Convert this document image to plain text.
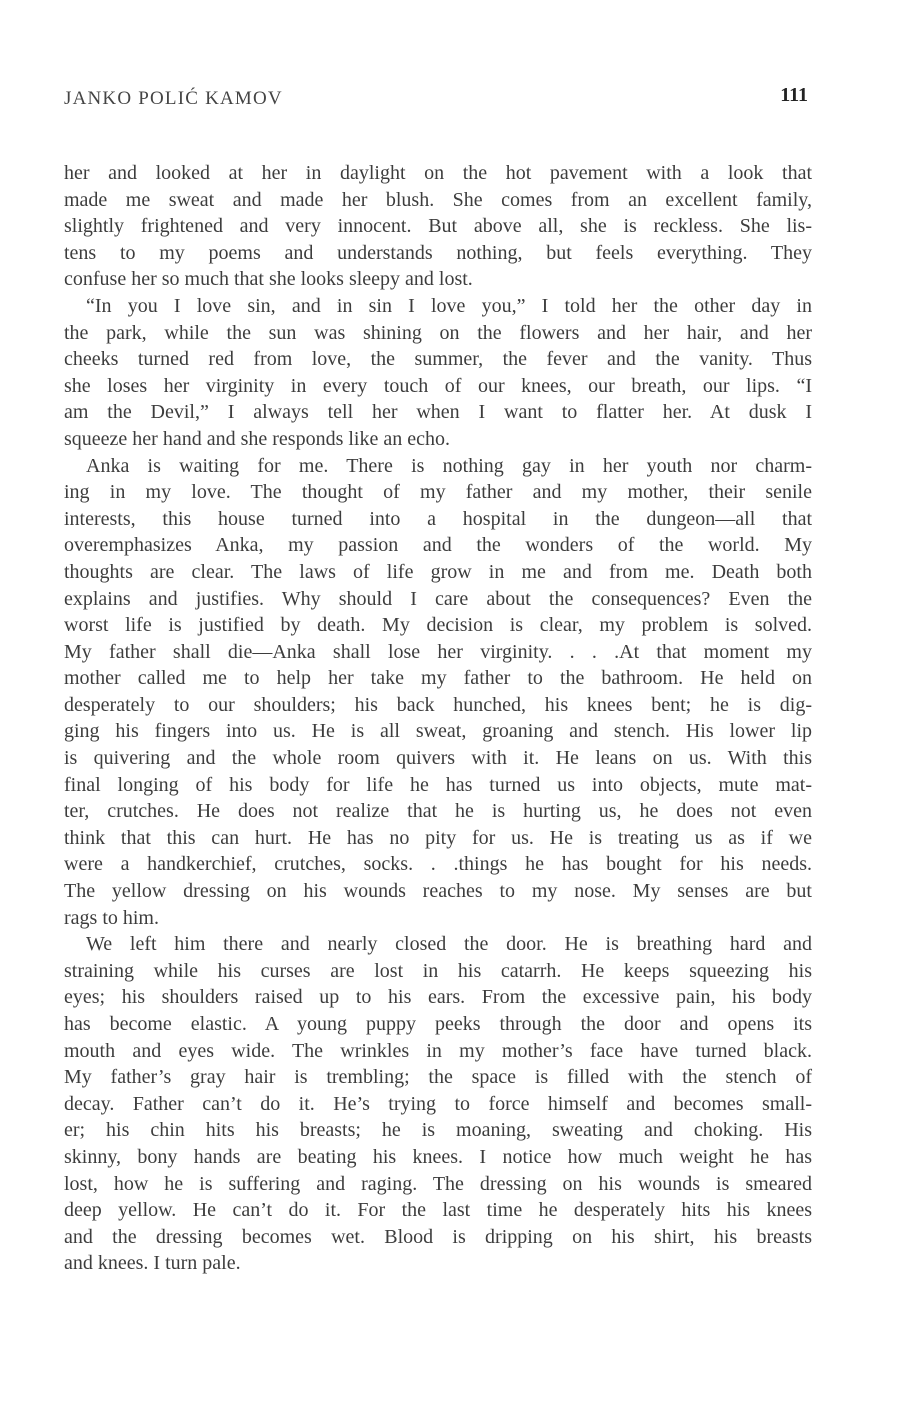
JANKO POLIĆ KAMOV	111
her and looked at her in daylight on the hot pavement with a look that
made me sweat and made her blush. She comes from an excellent family,
slightly frightened and very innocent. But above all, she is reckless. She lis-
tens to my poems and understands nothing, but feels everything. They
confuse her so much that she looks sleepy and lost.
“In you I love sin, and in sin I love you,” I told her the other day in
the park, while the sun was shining on the flowers and her hair, and her
cheeks turned red from love, the summer, the fever and the vanity. Thus
she loses her virginity in every touch of our knees, our breath, our lips. “I
am the Devil,” I always tell her when I want to flatter her. At dusk I
squeeze her hand and she responds like an echo.
Anka is waiting for me. There is nothing gay in her youth nor charm-
ing in my love. The thought of my father and my mother, their senile
interests, this house turned into a hospital in the dungeon—all that
overemphasizes Anka, my passion and the wonders of the world. My
thoughts are clear. The laws of life grow in me and from me. Death both
explains and justifies. Why should I care about the consequences? Even the
worst life is justified by death. My decision is clear, my problem is solved.
My father shall die—Anka shall lose her virginity. . . .At that moment my
mother called me to help her take my father to the bathroom. He held on
desperately to our shoulders; his back hunched, his knees bent; he is dig-
ging his fingers into us. He is all sweat, groaning and stench. His lower lip
is quivering and the whole room quivers with it. He leans on us. With this
final longing of his body for life he has turned us into objects, mute mat-
ter, crutches. He does not realize that he is hurting us, he does not even
think that this can hurt. He has no pity for us. He is treating us as if we
were a handkerchief, crutches, socks. . .things he has bought for his needs.
The yellow dressing on his wounds reaches to my nose. My senses are but
rags to him.
We left him there and nearly closed the door. He is breathing hard and
straining while his curses are lost in his catarrh. He keeps squeezing his
eyes; his shoulders raised up to his ears. From the excessive pain, his body
has become elastic. A young puppy peeks through the door and opens its
mouth and eyes wide. The wrinkles in my mother’s face have turned black.
My father’s gray hair is trembling; the space is filled with the stench of
decay. Father can’t do it. He’s trying to force himself and becomes small-
er; his chin hits his breasts; he is moaning, sweating and choking. His
skinny, bony hands are beating his knees. I notice how much weight he has
lost, how he is suffering and raging. The dressing on his wounds is smeared
deep yellow. He can’t do it. For the last time he desperately hits his knees
and the dressing becomes wet. Blood is dripping on his shirt, his breasts
and knees. I turn pale.
